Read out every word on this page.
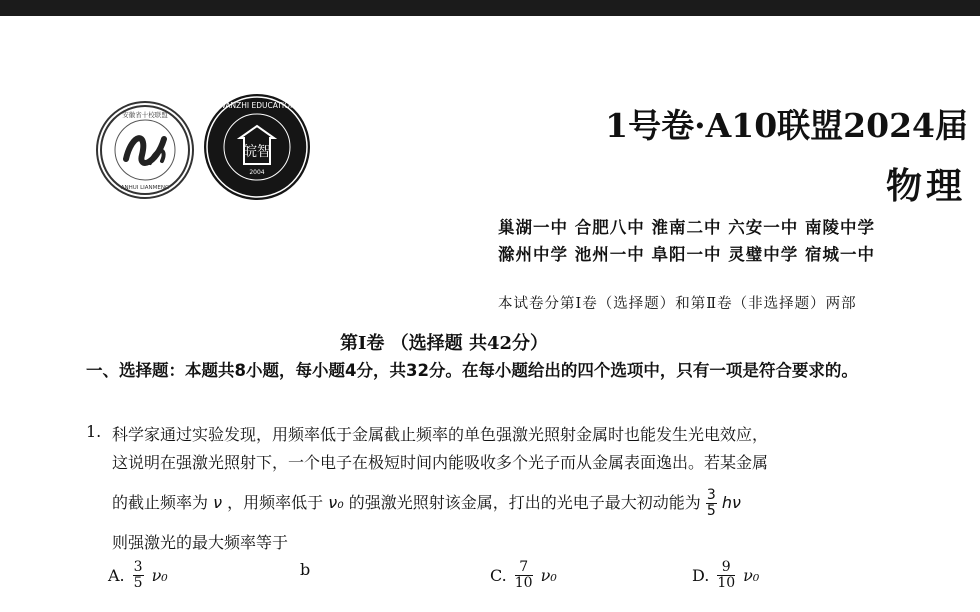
安徽省十校联盟
ANHUI LIANMENG
WANZHI EDUCATION
皖智
2004
1号卷·A10联盟2024届
物理
巢湖一中 合肥八中 淮南二中 六安一中 南陵中学
滁州中学 池州一中 阜阳一中 灵璧中学 宿城一中
本试卷分第Ⅰ卷（选择题）和第Ⅱ卷（非选择题）两部
第Ⅰ卷 （选择题 共42分）
一、选择题：本题共8小题，每小题4分，共32分。在每小题给出的四个选项中，只有一项是符合要求的。
1. 科学家通过实验发现，用频率低于金属截止频率的单色强激光照射金属时也能发生光电效应，
这说明在强激光照射下，一个电子在极短时间内能吸收多个光子而从金属表面逸出。若某金属
的截止频率为 ν ，用频率低于 ν₀ 的强激光照射该金属，打出的光电子最大初动能为 $\frac{3}{5}$ hν
则强激光的最大频率等于
A. $\frac{3}{5} \nu_0$	b	C. $\frac{7}{10} \nu_0$	D. $\frac{9}{10} \nu_0$
